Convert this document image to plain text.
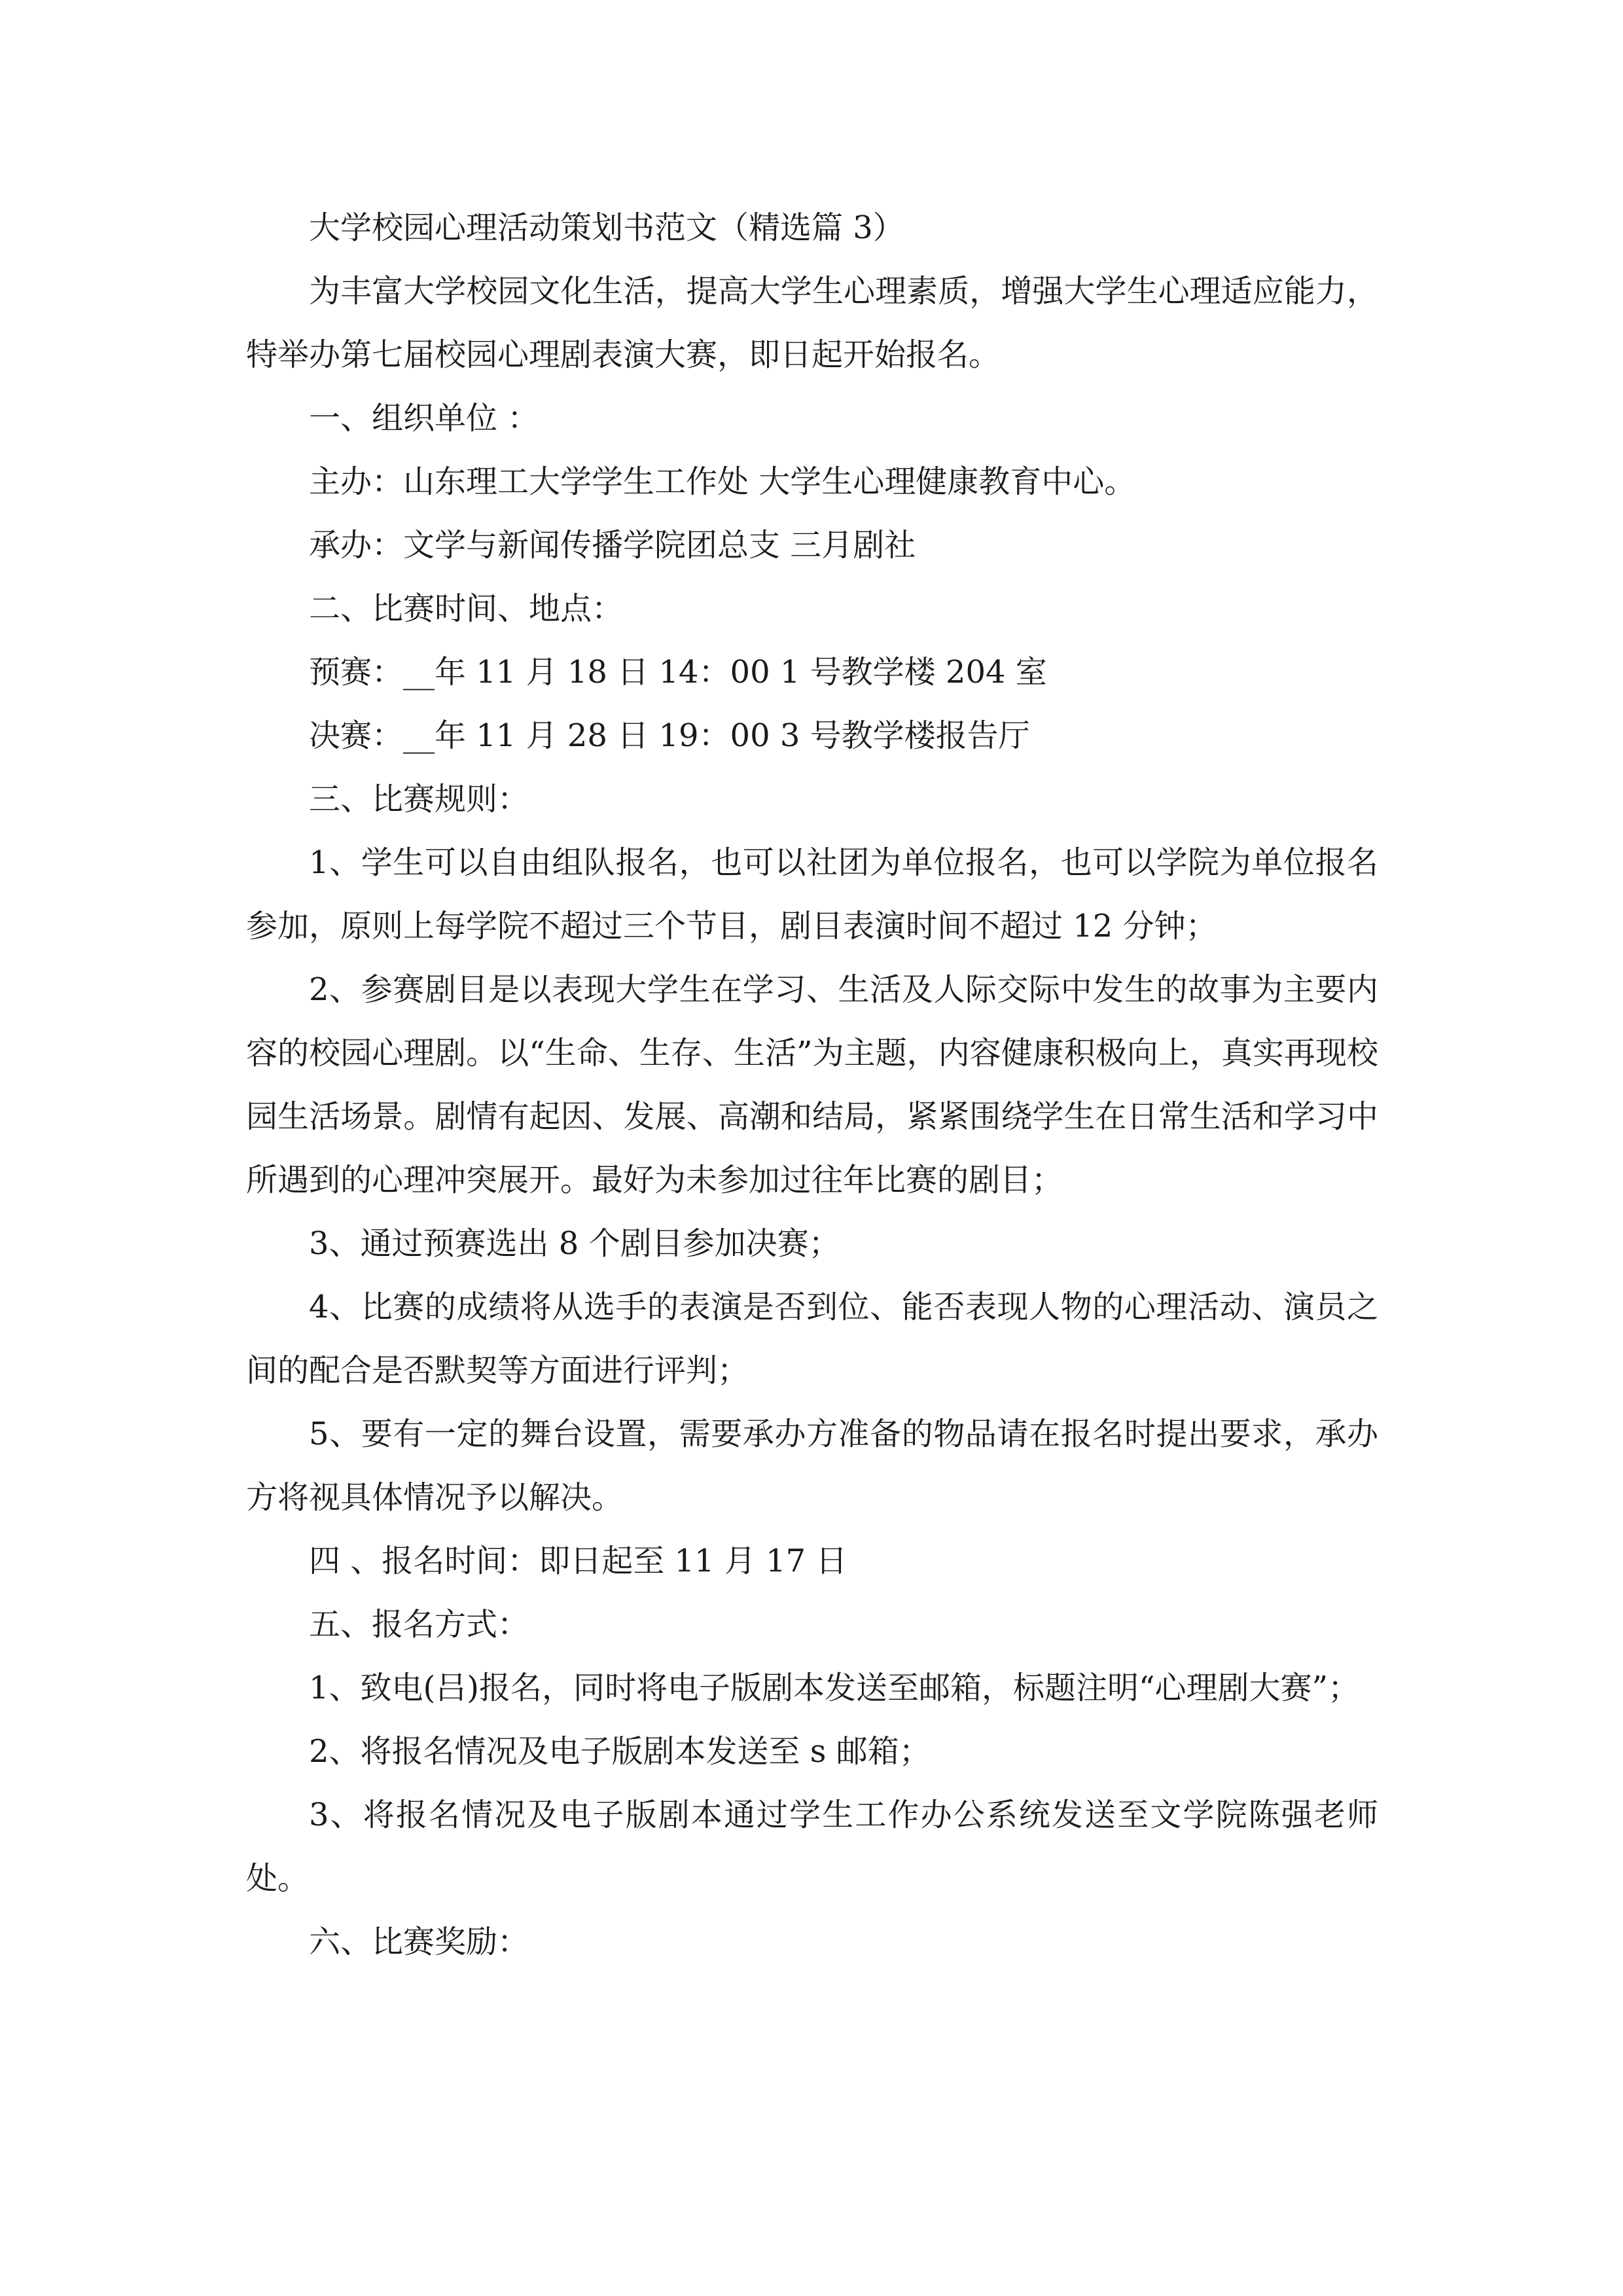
大学校园心理活动策划书范文（精选篇 3）

为丰富大学校园文化生活，提高大学生心理素质，增强大学生心理适应能力，特举办第七届校园心理剧表演大赛，即日起开始报名。

一、组织单位 ：

主办：山东理工大学学生工作处 大学生心理健康教育中心。

承办：文学与新闻传播学院团总支 三月剧社

二、比赛时间、地点：

预赛：__年 11 月 18 日 14：00 1 号教学楼 204 室

决赛：__年 11 月 28 日 19：00 3 号教学楼报告厅

三、比赛规则：

1、学生可以自由组队报名，也可以社团为单位报名，也可以学院为单位报名参加，原则上每学院不超过三个节目，剧目表演时间不超过 12 分钟；

2、参赛剧目是以表现大学生在学习、生活及人际交际中发生的故事为主要内容的校园心理剧。以“生命、生存、生活”为主题，内容健康积极向上，真实再现校园生活场景。剧情有起因、发展、高潮和结局，紧紧围绕学生在日常生活和学习中所遇到的心理冲突展开。最好为未参加过往年比赛的剧目；

3、通过预赛选出 8 个剧目参加决赛；

4、比赛的成绩将从选手的表演是否到位、能否表现人物的心理活动、演员之间的配合是否默契等方面进行评判；

5、要有一定的舞台设置，需要承办方准备的物品请在报名时提出要求，承办方将视具体情况予以解决。

四 、报名时间：即日起至 11 月 17 日

五、报名方式：

1、致电(吕)报名，同时将电子版剧本发送至邮箱，标题注明“心理剧大赛”；

2、将报名情况及电子版剧本发送至 s 邮箱；

3、将报名情况及电子版剧本通过学生工作办公系统发送至文学院陈强老师处。

六、比赛奖励：
